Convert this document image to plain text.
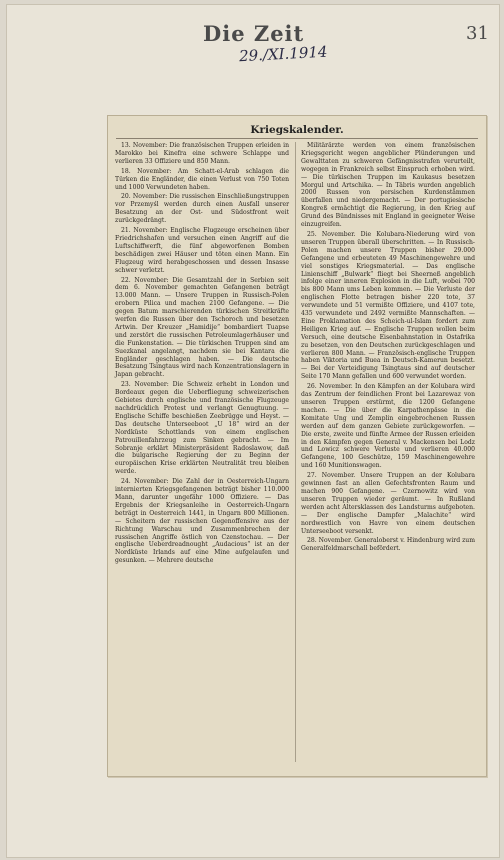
Die Zeit	31
29./XI.1914
Kriegskalender.

13. November: Die französischen Truppen erleiden in Marokko bei Kinefra eine schwere Schlappe und verlieren 33 Offiziere und 850 Mann.

18. November: Am Schatt-el-Arab schlagen die Türken die Engländer, die einen Verlust von 750 Toten und 1000 Verwundeten haben.

20. November: Die russischen Einschließungstruppen vor Przemyśl werden durch einen Ausfall unserer Besatzung an der Ost- und Südostfront weit zurückgedrängt.

21. November: Englische Flugzeuge erscheinen über Friedrichshafen und versuchen einen Angriff auf die Luftschiffwerft, die fünf abgeworfenen Bomben beschädigen zwei Häuser und töten einen Mann. Ein Flugzeug wird herabgeschossen und dessen Insasse schwer verletzt.

22. November: Die Gesamtzahl der in Serbien seit dem 6. November gemachten Gefangenen beträgt 13.000 Mann. — Unsere Truppen in Russisch-Polen erobern Pilica und machen 2100 Gefangene. — Die gegen Batum marschierenden türkischen Streitkräfte werfen die Russen über den Tschoroch und besetzen Artwin. Der Kreuzer „Hamidije“ bombardiert Tuapse und zerstört die russischen Petroleumlagerhäuser und die Funkenstation. — Die türkischen Truppen sind am Suezkanal angelangt, nachdem sie bei Kantara die Engländer geschlagen haben. — Die deutsche Besatzung Tsingtaus wird nach Konzentrationslagern in Japan gebracht.

23. November: Die Schweiz erhebt in London und Bordeaux gegen die Ueberfliegung schweizerischen Gebietes durch englische und französische Flugzeuge nachdrücklich Protest und verlangt Genugtuung. — Englische Schiffe beschießen Zeebrügge und Heyst. — Das deutsche Unterseeboot „U 18“ wird an der Nordküste Schottlands von einem englischen Patrouillenfahrzeug zum Sinken gebracht. — Im Sobranje erklärt Ministerpräsident Radoslawow, daß die bulgarische Regierung der zu Beginn der europäischen Krise erklärten Neutralität treu bleiben werde.

24. November: Die Zahl der in Oesterreich-Ungarn internierten Kriegsgefangenen beträgt bisher 110.000 Mann, darunter ungefähr 1000 Offiziere. — Das Ergebnis der Kriegsanleihe in Oesterreich-Ungarn beträgt in Oesterreich 1441, in Ungarn 800 Millionen. — Scheitern der russischen Gegenoffensive aus der Richtung Warschau und Zusammenbrechen der russischen Angriffe östlich von Czenstochau. — Der englische Ueberdreadnought „Audacious“ ist an der Nordküste Irlands auf eine Mine aufgelaufen und gesunken. — Mehrere deutsche

Militärärzte werden von einem französischen Kriegsgericht wegen angeblicher Plünderungen und Gewalttaten zu schweren Gefängnisstrafen verurteilt, wogegen in Frankreich selbst Einspruch erhoben wird. — Die türkischen Truppen im Kaukasus besetzen Morgul und Artschika. — In Täbris wurden angeblich 2000 Russen von persischen Kurdenstämmen überfallen und niedergemacht. — Der portugiesische Kongreß ermächtigt die Regierung, in den Krieg auf Grund des Bündnisses mit England in geeigneter Weise einzugreifen.

25. November. Die Kolubara-Niederung wird von unseren Truppen überall überschritten. — In Russisch-Polen machen unsere Truppen bisher 29.000 Gefangene und erbeuteten 49 Maschinengewehre und viel sonstiges Kriegsmaterial. — Das englische Linienschiff „Bulwark“ fliegt bei Sheerneß angeblich infolge einer inneren Explosion in die Luft, wobei 700 bis 800 Mann ums Leben kommen. — Die Verluste der englischen Flotte betragen bisher 220 tote, 37 verwundete und 51 vermißte Offiziere, und 4107 tote, 435 verwundete und 2492 vermißte Mannschaften. — Eine Proklamation des Scheich-ul-Islam fordert zum Heiligen Krieg auf. — Englische Truppen wollen beim Versuch, eine deutsche Eisenbahnstation in Ostafrika zu besetzen, von den Deutschen zurückgeschlagen und verlieren 800 Mann. — Französisch-englische Truppen haben Viktoria und Buea in Deutsch-Kamerun besetzt. — Bei der Verteidigung Tsingtaus sind auf deutscher Seite 170 Mann gefallen und 600 verwundet worden.

26. November. In den Kämpfen an der Kolubara wird das Zentrum der feindlichen Front bei Lazarewaz von unseren Truppen erstürmt, die 1200 Gefangene machen. — Die über die Karpathenpässe in die Komitate Ung und Zemplin eingebrochenen Russen werden auf dem ganzen Gebiete zurückgeworfen. — Die erste, zweite und fünfte Armee der Russen erleiden in den Kämpfen gegen General v. Mackensen bei Lodz und Lowicz schwere Verluste und verlieren 40.000 Gefangene, 100 Geschütze, 159 Maschinengewehre und 160 Munitionswagen.

27. November. Unsere Truppen an der Kolubara gewinnen fast an allen Gefechtsfronten Raum und machen 900 Gefangene. — Czernowitz wird von unseren Truppen wieder geräumt. — In Rußland werden acht Altersklassen des Landsturms aufgeboten. — Der englische Dampfer „Malachite“ wird nordwestlich von Havre von einem deutschen Unterseeboot versenkt.

28. November. Generaloberst v. Hindenburg wird zum Generalfeldmarschall befördert.
